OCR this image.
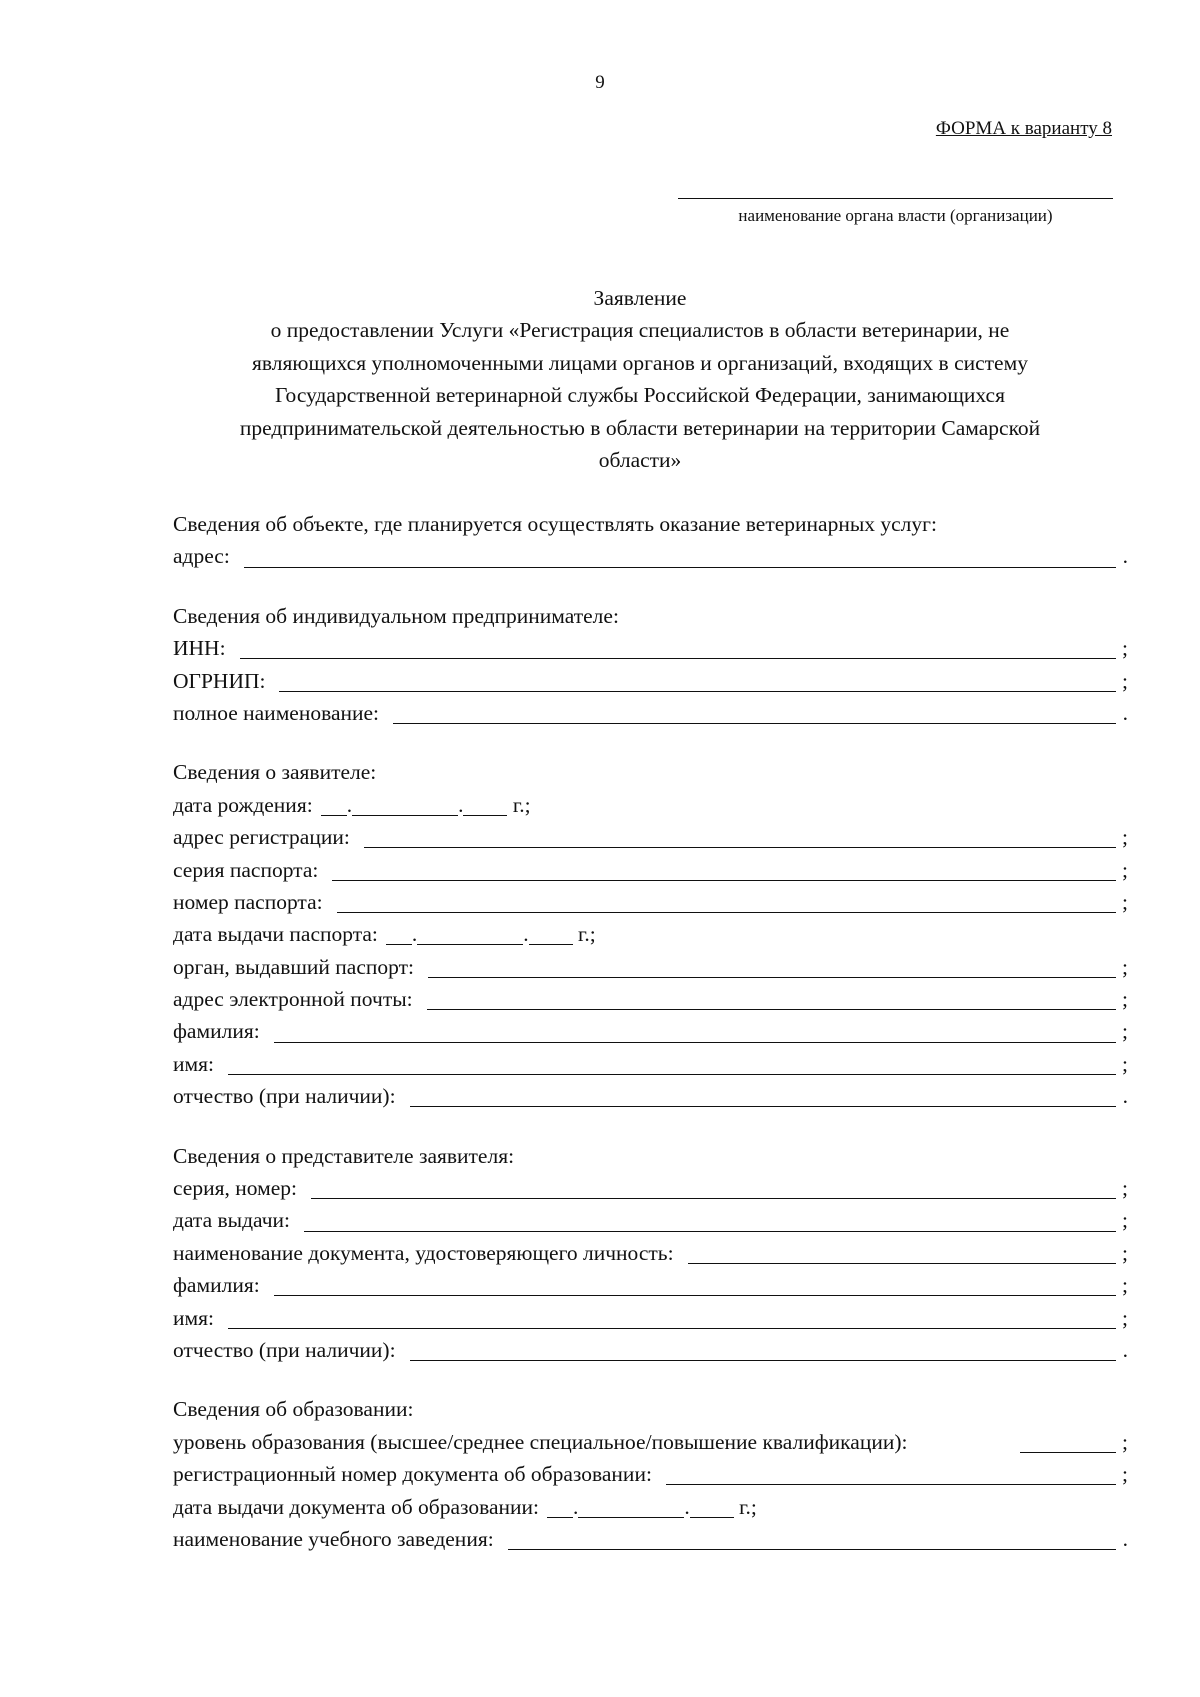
9
ФОРМА к варианту 8
наименование органа власти (организации)
Заявление
о предоставлении Услуги «Регистрация специалистов в области ветеринарии, не
являющихся уполномоченными лицами органов и организаций, входящих в систему
Государственной ветеринарной службы Российской Федерации, занимающихся
предпринимательской деятельностью в области ветеринарии на территории Самарской
области»
Сведения об объекте, где планируется осуществлять оказание ветеринарных услуг:
адрес:	.
Сведения об индивидуальном предпринимателе:
ИНН:	;
ОГРНИП:	;
полное наименование:	.
Сведения о заявителе:
дата рождения:	.	. г.;
адрес регистрации:	;
серия паспорта:	;
номер паспорта:	;
дата выдачи паспорта:	.	. г.;
орган, выдавший паспорт:	;
адрес электронной почты:	;
фамилия:	;
имя:	;
отчество (при наличии):	.
Сведения о представителе заявителя:
серия, номер:	;
дата выдачи:	;
наименование документа, удостоверяющего личность:	;
фамилия:	;
имя:	;
отчество (при наличии):	.
Сведения об образовании:
уровень образования (высшее/среднее специальное/повышение квалификации):	;
регистрационный номер документа об образовании:	;
дата выдачи документа об образовании:	.	. г.;
наименование учебного заведения:	.
